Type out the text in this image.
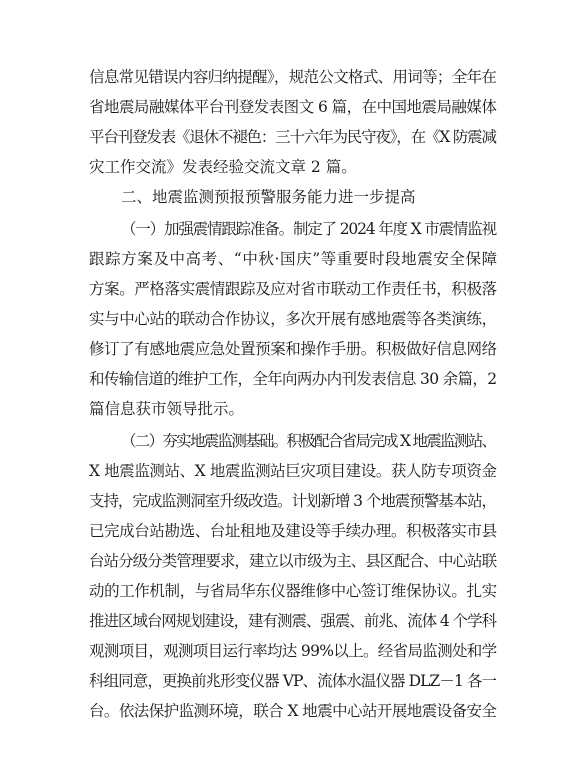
信息常见错误内容归纳提醒》，规范公文格式、用词等；全年在
省地震局融媒体平台刊登发表图文 6 篇，在中国地震局融媒体
平台刊登发表《退休不褪色：三十六年为民守夜》，在《X 防震减
灾工作交流》发表经验交流文章 2 篇。
二、地震监测预报预警服务能力进一步提高
（一）加强震情跟踪准备。制定了 2024 年度 X 市震情监视
跟踪方案及中高考、“中秋·国庆”等重要时段地震安全保障
方案。严格落实震情跟踪及应对省市联动工作责任书，积极落
实与中心站的联动合作协议，多次开展有感地震等各类演练，
修订了有感地震应急处置预案和操作手册。积极做好信息网络
和传输信道的维护工作，全年向两办内刊发表信息 30 余篇，2
篇信息获市领导批示。
（二）夯实地震监测基础。积极配合省局完成 X 地震监测站、
X 地震监测站、X 地震监测站巨灾项目建设。获人防专项资金
支持，完成监测洞室升级改造。计划新增 3 个地震预警基本站，
已完成台站勘选、台址租地及建设等手续办理。积极落实市县
台站分级分类管理要求，建立以市级为主、县区配合、中心站联
动的工作机制，与省局华东仪器维修中心签订维保协议。扎实
推进区域台网规划建设，建有测震、强震、前兆、流体 4 个学科
观测项目，观测项目运行率均达 99%以上。经省局监测处和学
科组同意，更换前兆形变仪器 VP、流体水温仪器 DLZ－1 各一
台。依法保护监测环境，联合 X 地震中心站开展地震设备安全
